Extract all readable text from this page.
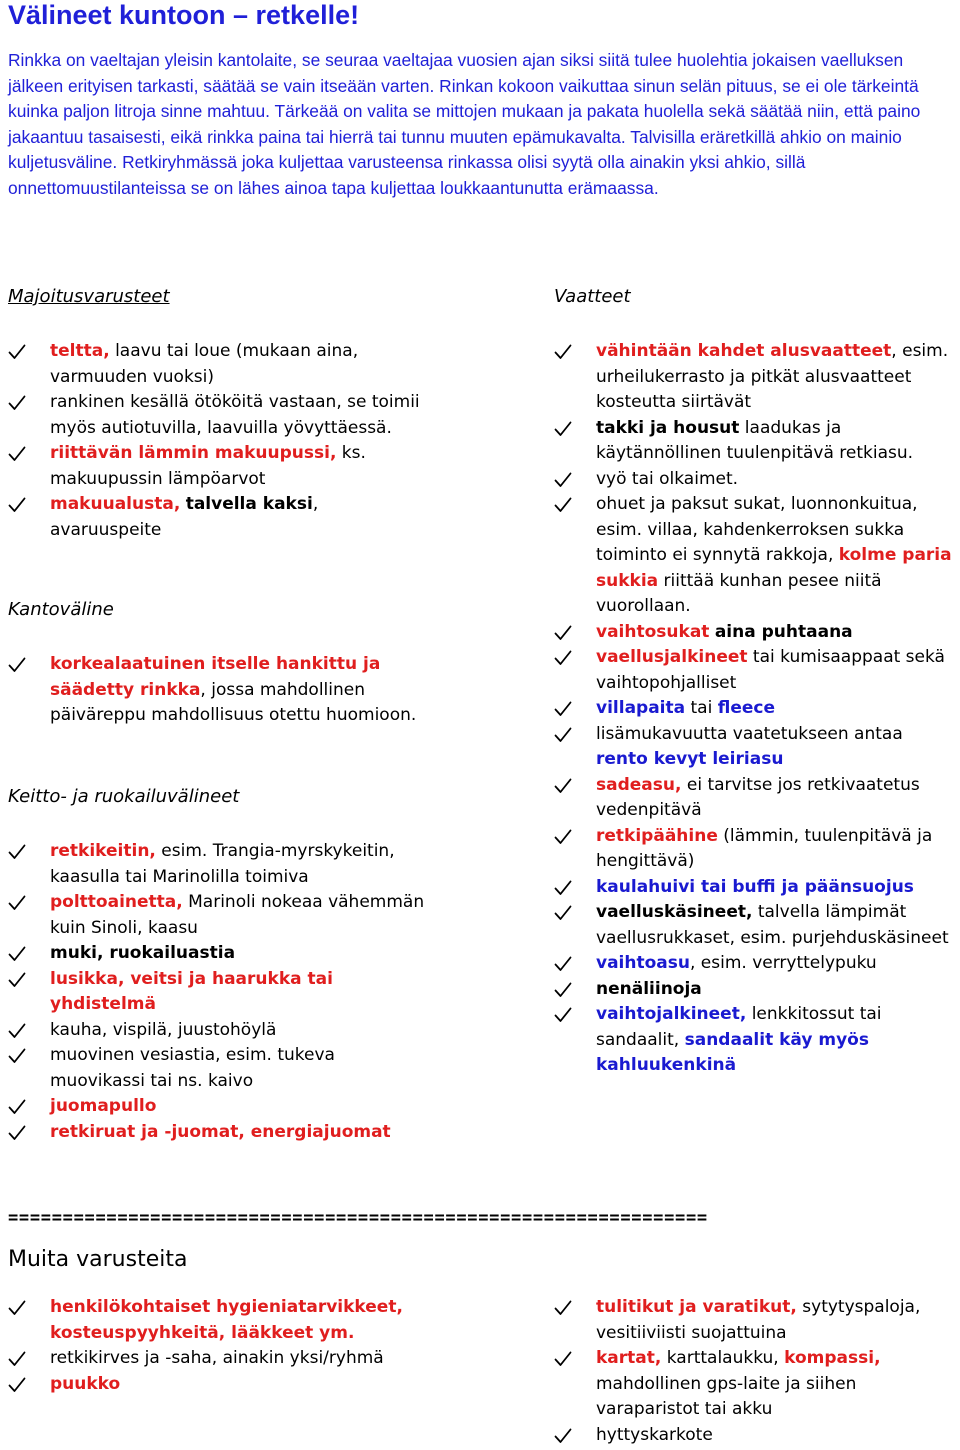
Välineet kuntoon – retkelle!

Rinkka on vaeltajan yleisin kantolaite, se seuraa vaeltajaa vuosien ajan siksi siitä tulee huolehtia jokaisen vaelluksen jälkeen erityisen tarkasti, säätää se vain itseään varten. Rinkan kokoon vaikuttaa sinun selän pituus, se ei ole tärkeintä kuinka paljon litroja sinne mahtuu. Tärkeää on valita se mittojen mukaan ja pakata huolella sekä säätää niin, että paino jakaantuu tasaisesti, eikä rinkka paina tai hierrä tai tunnu muuten epämukavalta. Talvisilla eräretkillä ahkio on mainio kuljetusväline. Retkiryhmässä joka kuljettaa varusteensa rinkassa olisi syytä olla ainakin yksi ahkio, sillä onnettomuustilanteissa se on lähes ainoa tapa kuljettaa loukkaantunutta erämaassa.

Majoitusvarusteet

teltta, laavu tai loue (mukaan aina, varmuuden vuoksi)
rankinen kesällä ötököitä vastaan, se toimii myös autiotuvilla, laavuilla yövyttäessä.
riittävän lämmin makuupussi, ks. makuupussin lämpöarvot
makuualusta, talvella kaksi, avaruuspeite

Kantoväline

korkealaatuinen itselle hankittu ja säädetty rinkka, jossa mahdollinen päiväreppu mahdollisuus otettu huomioon.

Keitto- ja ruokailuvälineet

retkikeitin, esim. Trangia-myrskykeitin, kaasulla tai Marinolilla toimiva
polttoainetta, Marinoli nokeaa vähemmän kuin Sinoli, kaasu
muki, ruokailuastia
lusikka, veitsi ja haarukka tai yhdistelmä
kauha, vispilä, juustohöylä
muovinen vesiastia, esim. tukeva muovikassi tai ns. kaivo
juomapullo
retkiruat ja -juomat, energiajuomat

Vaatteet

vähintään kahdet alusvaatteet, esim. urheilukerrasto ja pitkät alusvaatteet kosteutta siirtävät
takki ja housut laadukas ja käytännöllinen tuulenpitävä retkiasu.
vyö tai olkaimet.
ohuet ja paksut sukat, luonnonkuitua, esim. villaa, kahdenkerroksen sukka toiminto ei synnytä rakkoja, kolme paria sukkia riittää kunhan pesee niitä vuorollaan.
vaihtosukat aina puhtaana
vaellusjalkineet tai kumisaappaat sekä vaihtopohjalliset
villapaita tai fleece
lisämukavuutta vaatetukseen antaa rento kevyt leiriasu
sadeasu, ei tarvitse jos retkivaatetus vedenpitävä
retkipäähine (lämmin, tuulenpitävä ja hengittävä)
kaulahuivi tai buffi ja päänsuojus
vaelluskäsineet, talvella lämpimät vaellusrukkaset, esim. purjehduskäsineet
vaihtoasu, esim. verryttelypuku
nenäliinoja
vaihtojalkineet, lenkkitossut tai sandaalit, sandaalit käy myös kahluukenkinä
================================================================

Muita varusteita

henkilökohtaiset hygieniatarvikkeet, kosteuspyyhkeitä, lääkkeet ym.
retkikirves ja -saha, ainakin yksi/ryhmä
puukko
tulitikut ja varatikut, sytytyspaloja, vesitiiviisti suojattuina
kartat, karttalaukku, kompassi, mahdollinen gps-laite ja siihen varaparistot tai akku
hyttyskarkote
